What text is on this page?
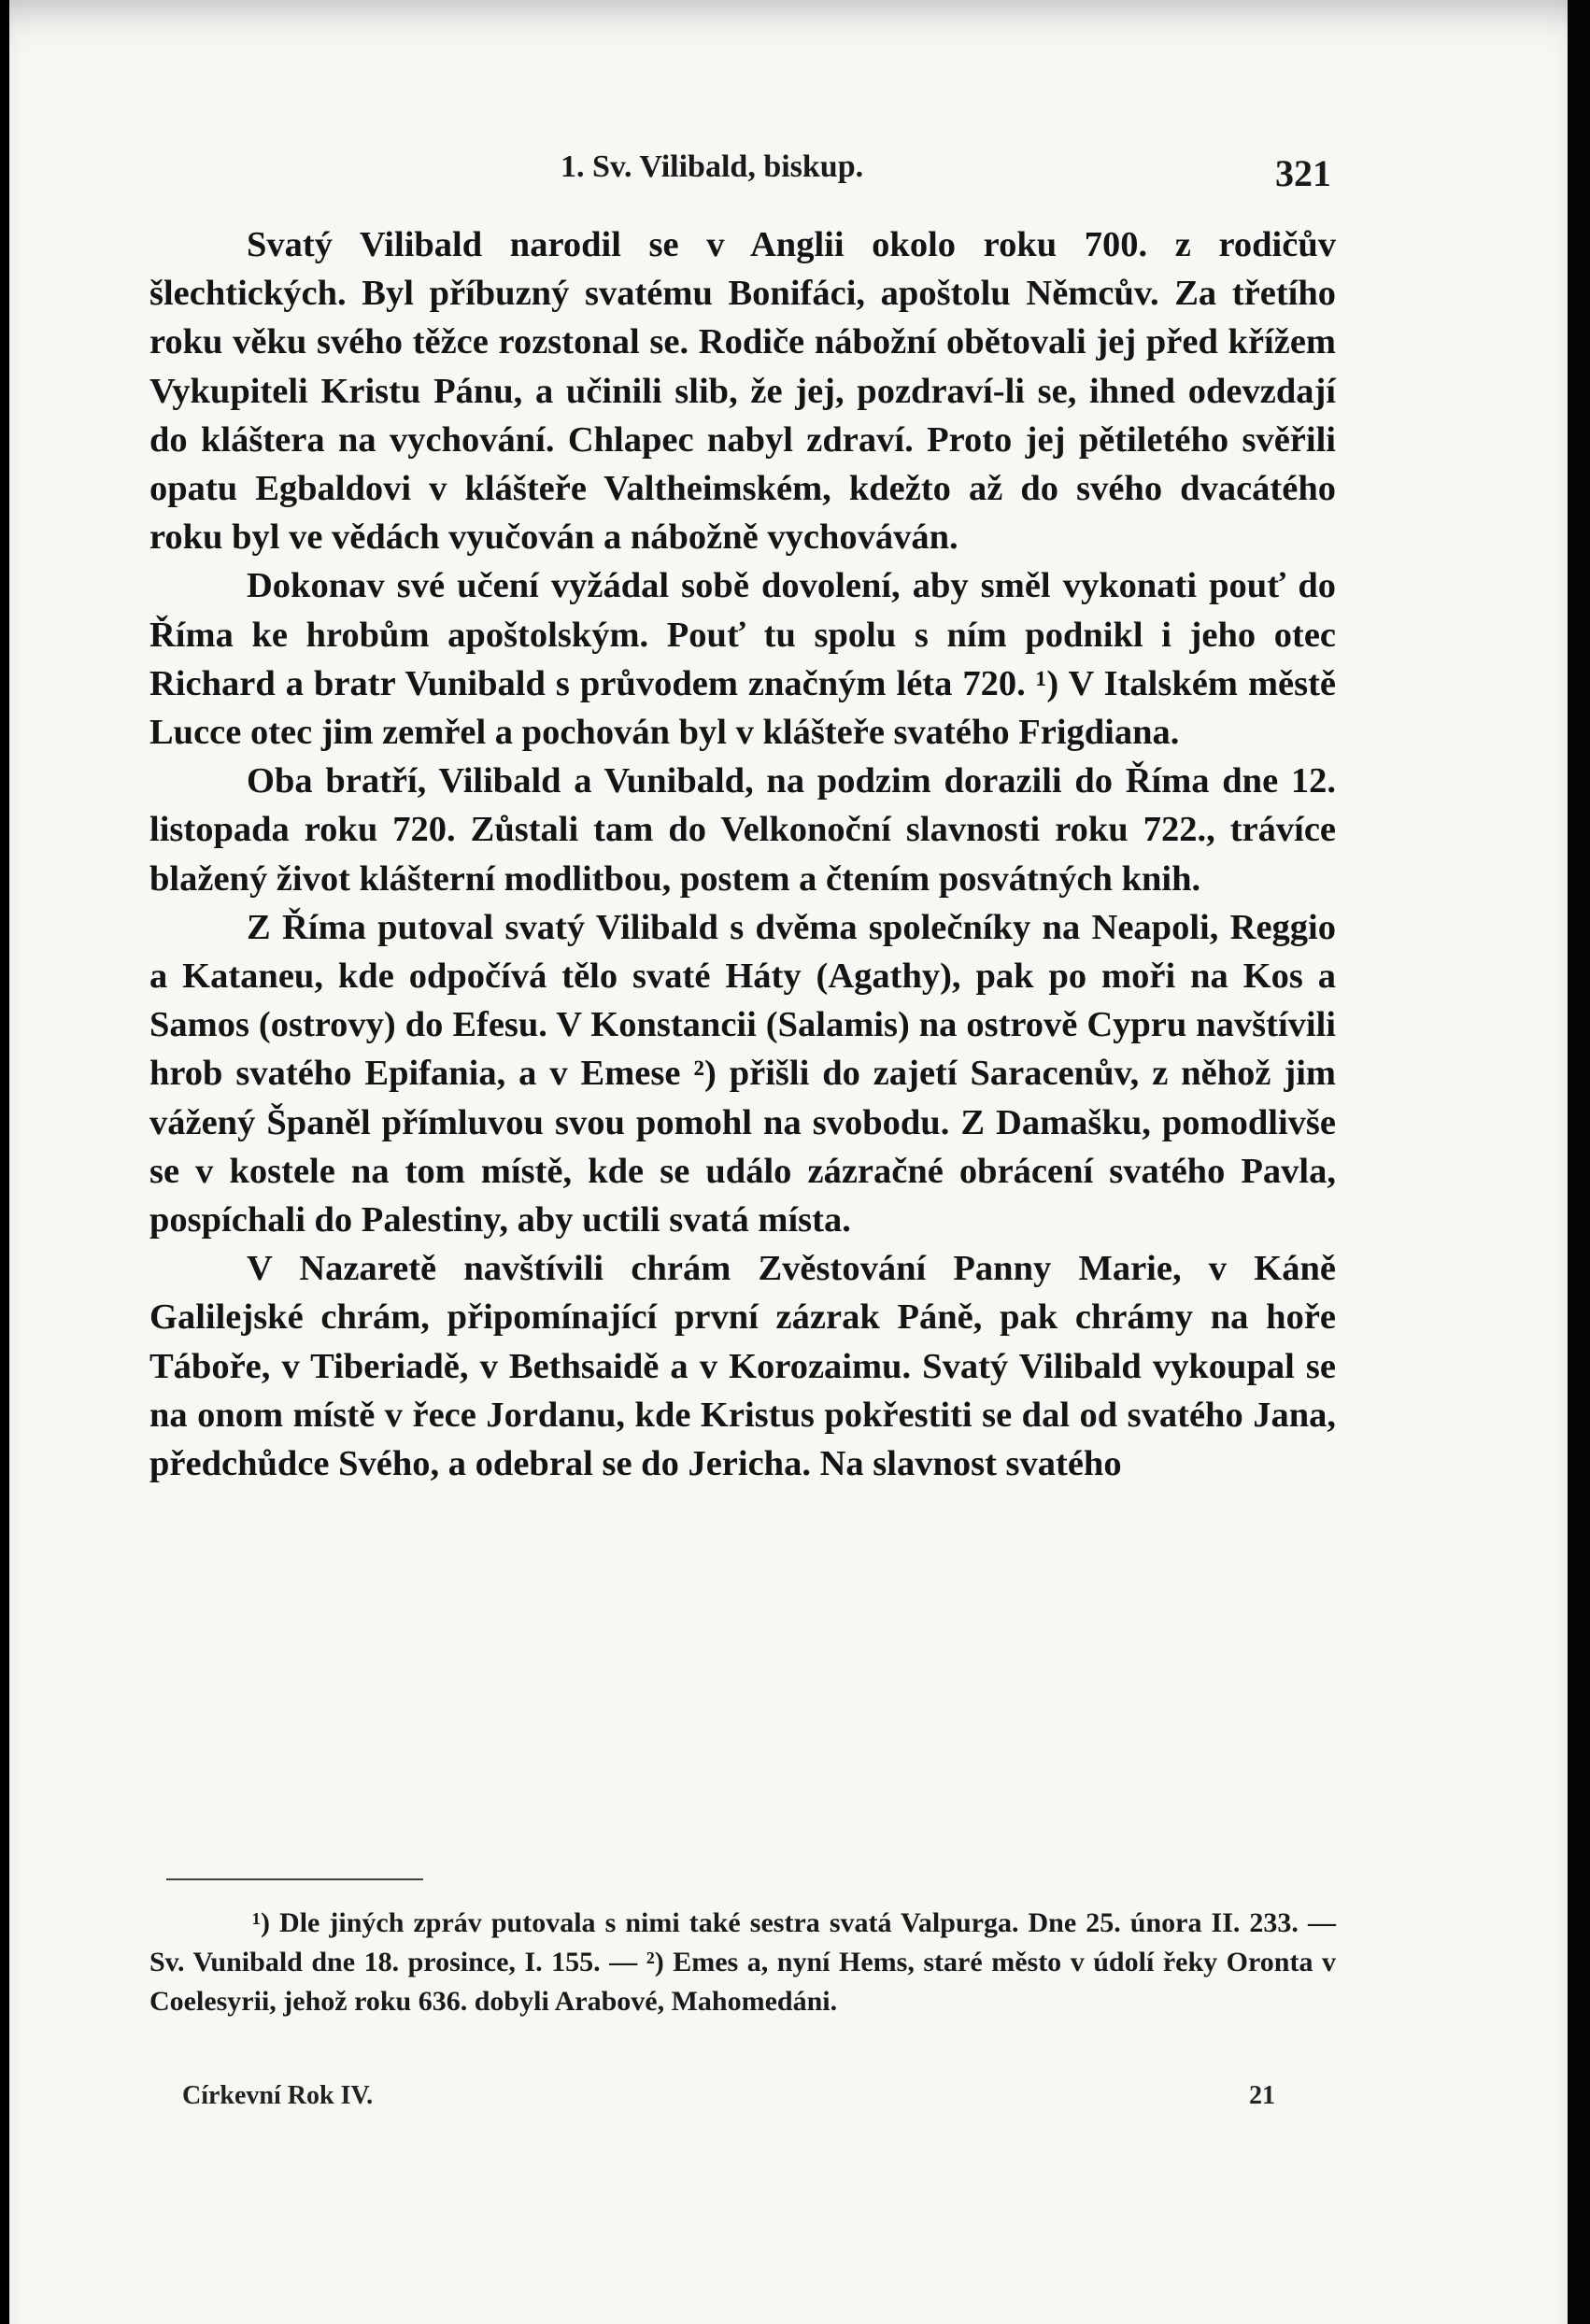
1. Sv. Vilibald, biskup.	321

Svatý Vilibald narodil se v Anglii okolo roku 700. z rodičův šlechtických. Byl příbuzný svatému Bonifáci, apoštolu Němcův. Za třetího roku věku svého těžce rozstonal se. Rodiče nábožní obětovali jej před křížem Vykupiteli Kristu Pánu, a učinili slib, že jej, pozdraví-li se, ihned odevzdají do kláštera na vychování. Chlapec nabyl zdraví. Proto jej pětiletého svěřili opatu Egbaldovi v klášteře Valtheimském, kdežto až do svého dvacátého roku byl ve vědách vyučován a nábožně vychováván.

Dokonav své učení vyžádal sobě dovolení, aby směl vykonati pouť do Říma ke hrobům apoštolským. Pouť tu spolu s ním podnikl i jeho otec Richard a bratr Vunibald s průvodem značným léta 720. ¹) V Italském městě Lucce otec jim zemřel a pochován byl v klášteře svatého Frigdiana.

Oba bratří, Vilibald a Vunibald, na podzim dorazili do Říma dne 12. listopada roku 720. Zůstali tam do Velkonoční slavnosti roku 722., trávíce blažený život klášterní modlitbou, postem a čtením posvátných knih.

Z Říma putoval svatý Vilibald s dvěma společníky na Neapoli, Reggio a Kataneu, kde odpočívá tělo svaté Háty (Agathy), pak po moři na Kos a Samos (ostrovy) do Efesu. V Konstancii (Salamis) na ostrově Cypru navštívili hrob svatého Epifania, a v Emese ²) přišli do zajetí Saracenův, z něhož jim vážený Španěl přímluvou svou pomohl na svobodu. Z Damašku, pomodlivše se v kostele na tom místě, kde se událo zázračné obrácení svatého Pavla, pospíchali do Palestiny, aby uctili svatá místa.

V Nazaretě navštívili chrám Zvěstování Panny Marie, v Káně Galilejské chrám, připomínající první zázrak Páně, pak chrámy na hoře Táboře, v Tiberiadě, v Bethsaidě a v Korozaimu. Svatý Vilibald vykoupal se na onom místě v řece Jordanu, kde Kristus pokřestiti se dal od svatého Jana, předchůdce Svého, a odebral se do Jericha. Na slavnost svatého

¹) Dle jiných zpráv putovala s nimi také sestra svatá Valpurga. Dne 25. února II. 233. — Sv. Vunibald dne 18. prosince, I. 155. — ²) Emes a, nyní Hems, staré město v údolí řeky Oronta v Coelesyrii, jehož roku 636. dobyli Arabové, Mahomedáni.

Církevní Rok IV.	21
